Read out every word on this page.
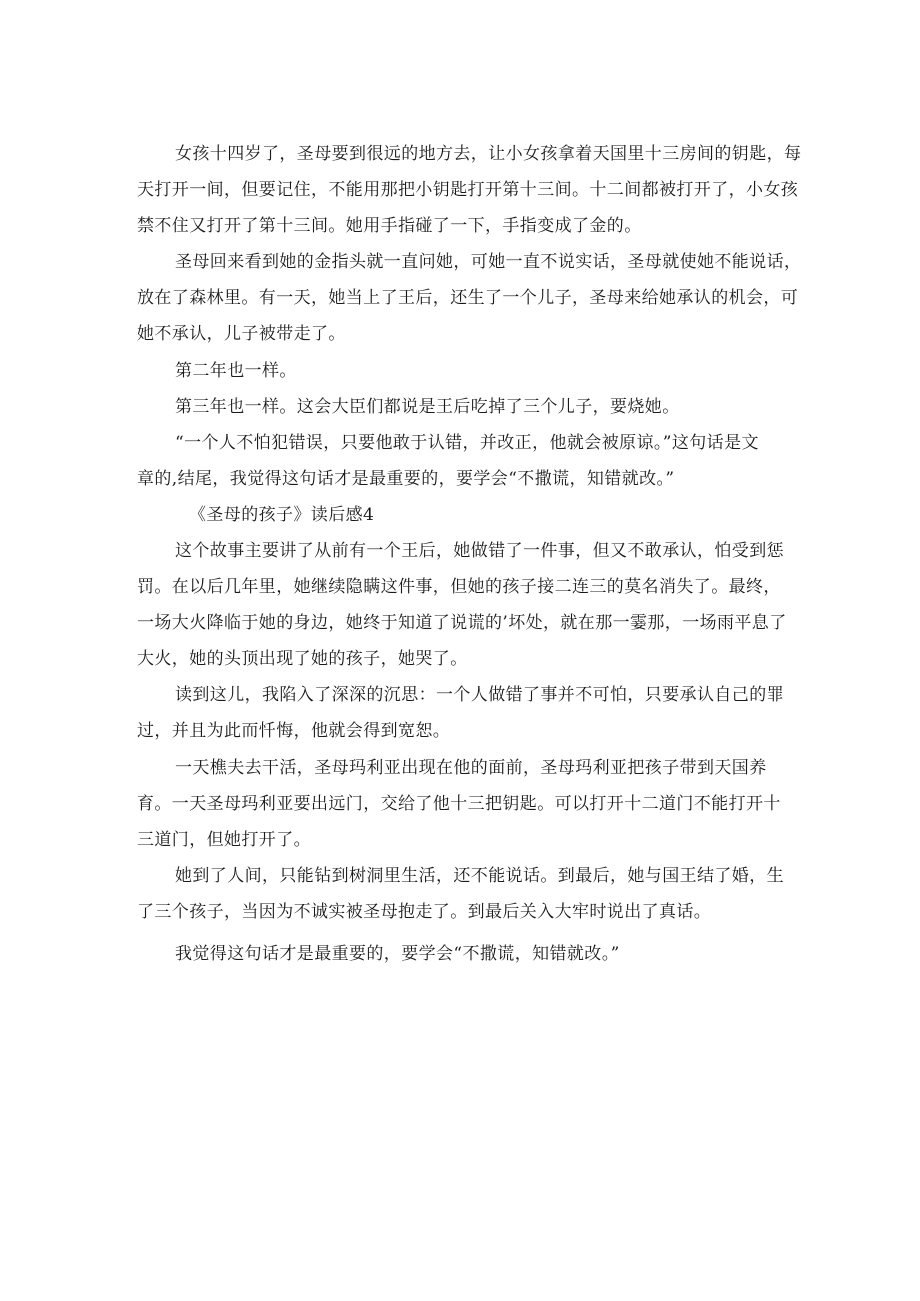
女孩十四岁了，圣母要到很远的地方去，让小女孩拿着天国里十三房间的钥匙，每
天打开一间，但要记住，不能用那把小钥匙打开第十三间。十二间都被打开了，小女孩
禁不住又打开了第十三间。她用手指碰了一下，手指变成了金的。
圣母回来看到她的金指头就一直问她，可她一直不说实话，圣母就使她不能说话，
放在了森林里。有一天，她当上了王后，还生了一个儿子，圣母来给她承认的机会，可
她不承认，儿子被带走了。
第二年也一样。
第三年也一样。这会大臣们都说是王后吃掉了三个儿子，要烧她。
“一个人不怕犯错误，只要他敢于认错，并改正，他就会被原谅。”这句话是文
章的,结尾，我觉得这句话才是最重要的，要学会“不撒谎，知错就改。”
《圣母的孩子》读后感4
这个故事主要讲了从前有一个王后，她做错了一件事，但又不敢承认，怕受到惩
罚。在以后几年里，她继续隐瞒这件事，但她的孩子接二连三的莫名消失了。最终，
一场大火降临于她的身边，她终于知道了说谎的’坏处，就在那一霎那，一场雨平息了
大火，她的头顶出现了她的孩子，她哭了。
读到这儿，我陷入了深深的沉思：一个人做错了事并不可怕，只要承认自己的罪
过，并且为此而忏悔，他就会得到宽恕。
一天樵夫去干活，圣母玛利亚出现在他的面前，圣母玛利亚把孩子带到天国养
育。一天圣母玛利亚要出远门，交给了他十三把钥匙。可以打开十二道门不能打开十
三道门，但她打开了。
她到了人间，只能钻到树洞里生活，还不能说话。到最后，她与国王结了婚，生
了三个孩子，当因为不诚实被圣母抱走了。到最后关入大牢时说出了真话。
我觉得这句话才是最重要的，要学会“不撒谎，知错就改。”
